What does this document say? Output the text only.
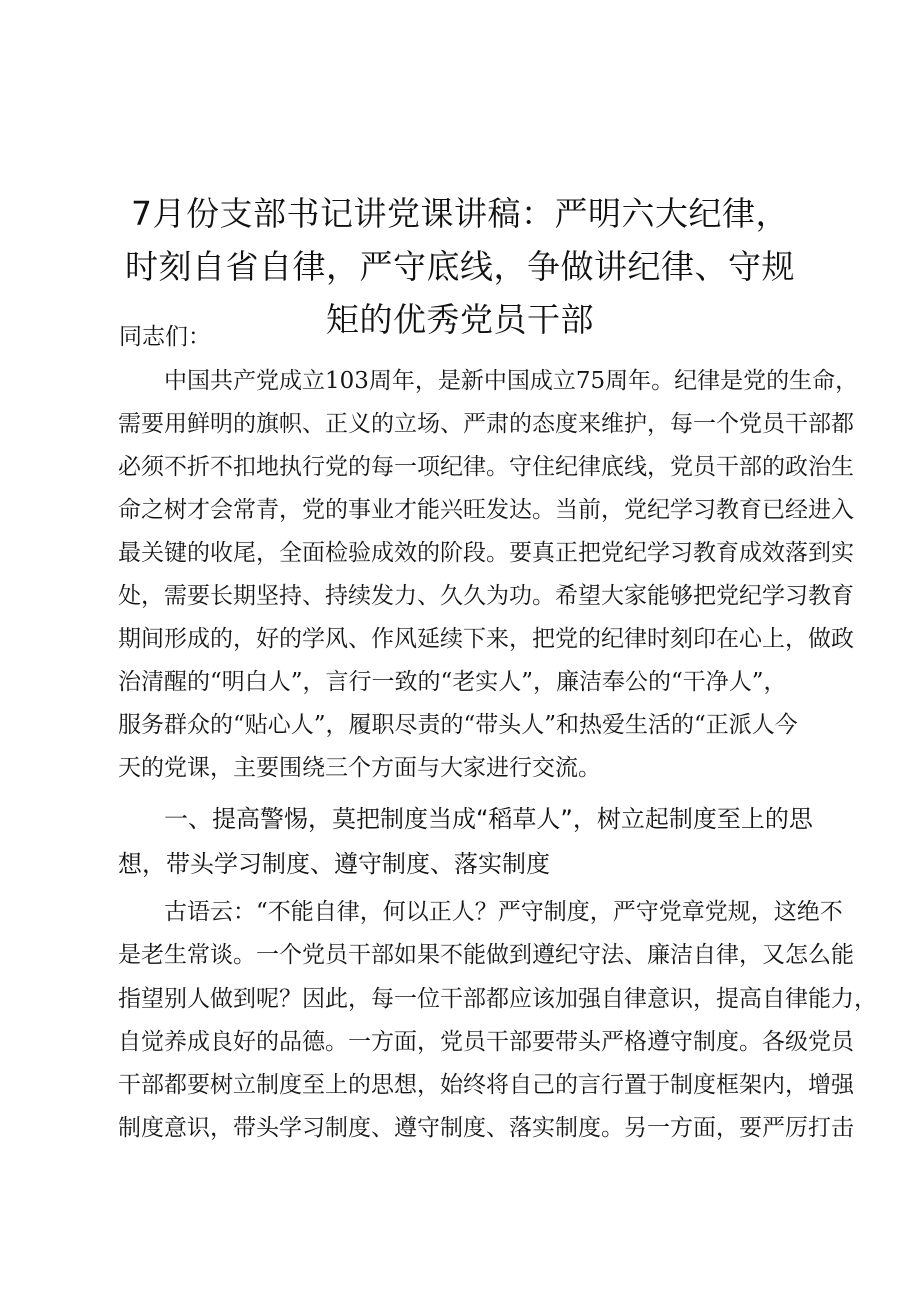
7月份支部书记讲党课讲稿：严明六大纪律，
时刻自省自律，严守底线，争做讲纪律、守规
矩的优秀党员干部
同志们：
中国共产党成立103周年，是新中国成立75周年。纪律是党的生命，
需要用鲜明的旗帜、正义的立场、严肃的态度来维护，每一个党员干部都
必须不折不扣地执行党的每一项纪律。守住纪律底线，党员干部的政治生
命之树才会常青，党的事业才能兴旺发达。当前，党纪学习教育已经进入
最关键的收尾，全面检验成效的阶段。要真正把党纪学习教育成效落到实
处，需要长期坚持、持续发力、久久为功。希望大家能够把党纪学习教育
期间形成的，好的学风、作风延续下来，把党的纪律时刻印在心上，做政
治清醒的“明白人”，言行一致的“老实人”，廉洁奉公的“干净人”，
服务群众的“贴心人”，履职尽责的“带头人”和热爱生活的“正派人今
天的党课，主要围绕三个方面与大家进行交流。
一、提高警惕，莫把制度当成“稻草人”，树立起制度至上的思
想，带头学习制度、遵守制度、落实制度
古语云：“不能自律，何以正人？严守制度，严守党章党规，这绝不
是老生常谈。一个党员干部如果不能做到遵纪守法、廉洁自律，又怎么能
指望别人做到呢？因此，每一位干部都应该加强自律意识，提高自律能力，
自觉养成良好的品德。一方面，党员干部要带头严格遵守制度。各级党员
干部都要树立制度至上的思想，始终将自己的言行置于制度框架内，增强
制度意识，带头学习制度、遵守制度、落实制度。另一方面，要严厉打击
